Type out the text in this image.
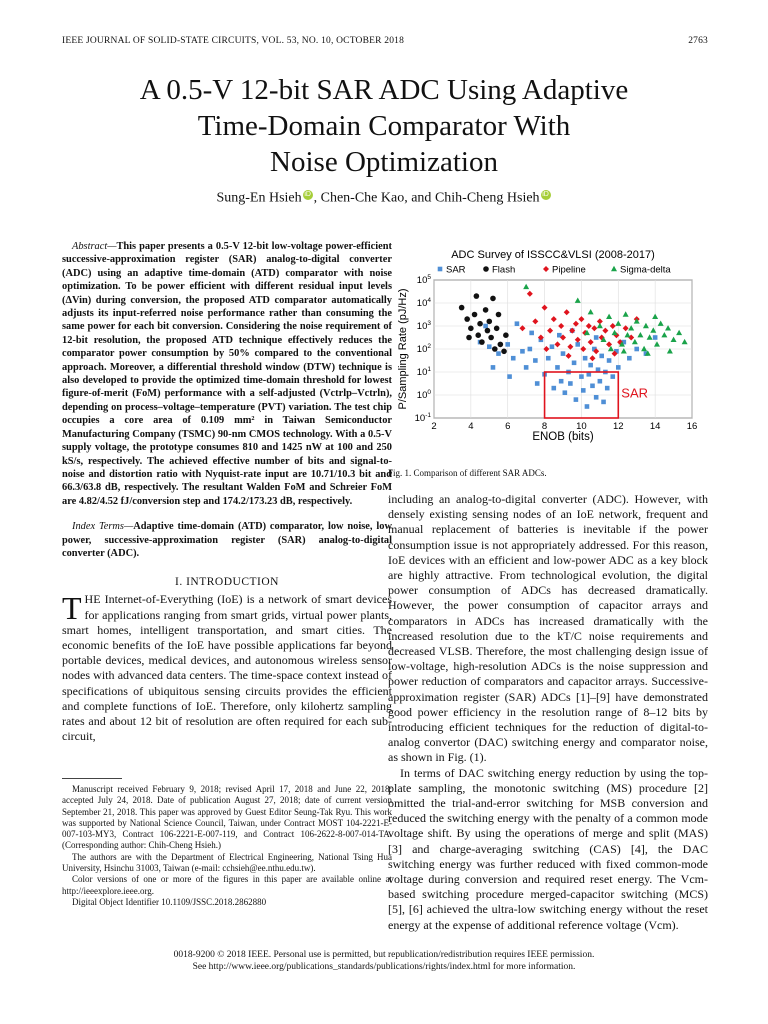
IEEE JOURNAL OF SOLID-STATE CIRCUITS, VOL. 53, NO. 10, OCTOBER 2018	2763
A 0.5-V 12-bit SAR ADC Using Adaptive
Time-Domain Comparator With
Noise Optimization
Sung-En Hsieh iD , Chen-Che Kao, and Chih-Cheng Hsieh iD

Abstract—This paper presents a 0.5-V 12-bit low-voltage power-efficient successive-approximation register (SAR) analog-to-digital converter (ADC) using an adaptive time-domain (ATD) comparator with noise optimization. To be power efficient with different residual input levels (ΔVin) during conversion, the proposed ATD comparator automatically adjusts its input-referred noise performance rather than consuming the same power for each bit conversion. Considering the noise requirement of 12-bit resolution, the proposed ATD technique effectively reduces the comparator power consumption by 50% compared to the conventional approach. Moreover, a differential threshold window (DTW) technique is also developed to provide the optimized time-domain threshold for lowest figure-of-merit (FoM) performance with a self-adjusted (Vctrlp–Vctrln), depending on process–voltage–temperature (PVT) variation. The test chip occupies a core area of 0.109 mm² in Taiwan Semiconductor Manufacturing Company (TSMC) 90-nm CMOS technology. With a 0.5-V supply voltage, the prototype consumes 810 and 1425 nW at 100 and 250 kS/s, respectively. The achieved effective number of bits and signal-to-noise and distortion ratio with Nyquist-rate input are 10.71/10.3 bit and 66.3/63.8 dB, respectively. The resultant Walden FoM and Schreier FoM are 4.82/4.52 fJ/conversion step and 174.2/173.23 dB, respectively.

Index Terms—Adaptive time-domain (ATD) comparator, low noise, low power, successive-approximation register (SAR) analog-to-digital converter (ADC).

I. INTRODUCTION

THE Internet-of-Everything (IoE) is a network of smart devices for applications ranging from smart grids, virtual power plants, smart homes, intelligent transportation, and smart cities. The economic benefits of the IoE have possible applications far beyond portable devices, medical devices, and autonomous wireless sensor nodes with advanced data centers. The time-space context instead of specifications of ubiquitous sensing circuits provides the efficient and complete functions of IoE. Therefore, only kilohertz sampling rates and about 12 bit of resolution are often required for each sub-circuit,

Manuscript received February 9, 2018; revised April 17, 2018 and June 22, 2018; accepted July 24, 2018. Date of publication August 27, 2018; date of current version September 21, 2018. This paper was approved by Guest Editor Seung-Tak Ryu. This work was supported by National Science Council, Taiwan, under Contract MOST 104-2221-E-007-103-MY3, Contract 106-2221-E-007-119, and Contract 106-2622-8-007-014-TA. (Corresponding author: Chih-Cheng Hsieh.)

The authors are with the Department of Electrical Engineering, National Tsing Hua University, Hsinchu 31003, Taiwan (e-mail: cchsieh@ee.nthu.edu.tw).

Color versions of one or more of the figures in this paper are available online at http://ieeexplore.ieee.org.

Digital Object Identifier 10.1109/JSSC.2018.2862880

ADC Survey of ISSCC&VLSI (2008-2017)
SAR	Flash	Pipeline	Sigma-delta
SAR
2	4	6	8	10	12	14	16
$10^{-1}$
$10^0$
$10^1$
$10^2$
$10^3$
$10^4$
$10^5$
ENOB (bits)
P/Sampling Rate (pJ/Hz)
Fig. 1. Comparison of different SAR ADCs.

including an analog-to-digital converter (ADC). However, with densely existing sensing nodes of an IoE network, frequent and manual replacement of batteries is inevitable if the power consumption issue is not appropriately addressed. For this reason, IoE devices with an efficient and low-power ADC as a key block are highly attractive. From technological evolution, the digital power consumption of ADCs has decreased dramatically. However, the power consumption of capacitor arrays and comparators in ADCs has increased dramatically with the increased resolution due to the kT/C noise requirements and decreased VLSB. Therefore, the most challenging design issue of low-voltage, high-resolution ADCs is the noise suppression and power reduction of comparators and capacitor arrays. Successive-approximation register (SAR) ADCs [1]–[9] have demonstrated good power efficiency in the resolution range of 8–12 bits by introducing efficient techniques for the reduction of digital-to-analog convertor (DAC) switching energy and comparator noise, as shown in Fig. (1).

In terms of DAC switching energy reduction by using the top-plate sampling, the monotonic switching (MS) procedure [2] omitted the trial-and-error switching for MSB conversion and reduced the switching energy with the penalty of a common mode voltage shift. By using the operations of merge and split (MAS) [3] and charge-averaging switching (CAS) [4], the DAC switching energy was further reduced with fixed common-mode voltage during conversion and required reset energy. The Vcm-based switching procedure merged-capacitor switching (MCS) [5], [6] achieved the ultra-low switching energy without the reset energy at the expense of additional reference voltage (Vcm).

0018-9200 © 2018 IEEE. Personal use is permitted, but republication/redistribution requires IEEE permission.
See http://www.ieee.org/publications_standards/publications/rights/index.html for more information.
